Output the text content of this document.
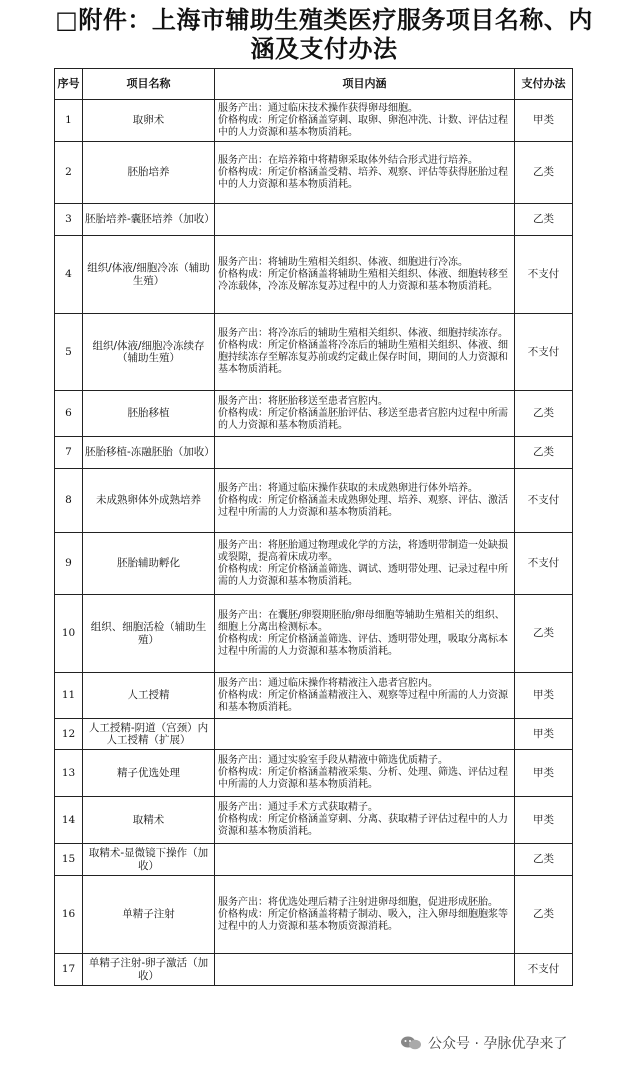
□附件：上海市辅助生殖类医疗服务项目名称、内涵及支付办法
序号	项目名称	项目内涵	支付办法
1	取卵术	服务产出：通过临床技术操作获得卵母细胞。
价格构成：所定价格涵盖穿刺、取卵、卵泡冲洗、计数、评估过程中的人力资源和基本物质消耗。	甲类
2	胚胎培养	服务产出：在培养箱中将精卵采取体外结合形式进行培养。
价格构成：所定价格涵盖受精、培养、观察、评估等获得胚胎过程中的人力资源和基本物质消耗。	乙类
3	胚胎培养-囊胚培养（加收）		乙类
4	组织/体液/细胞冷冻（辅助生殖）	服务产出：将辅助生殖相关组织、体液、细胞进行冷冻。
价格构成：所定价格涵盖将辅助生殖相关组织、体液、细胞转移至冷冻载体，冷冻及解冻复苏过程中的人力资源和基本物质消耗。	不支付
5	组织/体液/细胞冷冻续存（辅助生殖）	服务产出：将冷冻后的辅助生殖相关组织、体液、细胞持续冻存。
价格构成：所定价格涵盖将冷冻后的辅助生殖相关组织、体液、细胞持续冻存至解冻复苏前或约定截止保存时间，期间的人力资源和基本物质消耗。	不支付
6	胚胎移植	服务产出：将胚胎移送至患者宫腔内。
价格构成：所定价格涵盖胚胎评估、移送至患者宫腔内过程中所需的人力资源和基本物质消耗。	乙类
7	胚胎移植-冻融胚胎（加收）		乙类
8	未成熟卵体外成熟培养	服务产出：将通过临床操作获取的未成熟卵进行体外培养。
价格构成：所定价格涵盖未成熟卵处理、培养、观察、评估、激活过程中所需的人力资源和基本物质消耗。	不支付
9	胚胎辅助孵化	服务产出：将胚胎通过物理或化学的方法，将透明带制造一处缺损或裂隙，提高着床成功率。
价格构成：所定价格涵盖筛选、调试、透明带处理、记录过程中所需的人力资源和基本物质消耗。	不支付
10	组织、细胞活检（辅助生殖）	服务产出：在囊胚/卵裂期胚胎/卵母细胞等辅助生殖相关的组织、细胞上分离出检测标本。
价格构成：所定价格涵盖筛选、评估、透明带处理，吸取分离标本过程中所需的人力资源和基本物质消耗。	乙类
11	人工授精	服务产出：通过临床操作将精液注入患者宫腔内。
价格构成：所定价格涵盖精液注入、观察等过程中所需的人力资源和基本物质消耗。	甲类
12	人工授精-阴道（宫颈）内人工授精（扩展）		甲类
13	精子优选处理	服务产出：通过实验室手段从精液中筛选优质精子。
价格构成：所定价格涵盖精液采集、分析、处理、筛选、评估过程中所需的人力资源和基本物质消耗。	甲类
14	取精术	服务产出：通过手术方式获取精子。
价格构成：所定价格涵盖穿刺、分离、获取精子评估过程中的人力资源和基本物质消耗。	甲类
15	取精术-显微镜下操作（加收）		乙类
16	单精子注射	服务产出：将优选处理后精子注射进卵母细胞，促进形成胚胎。
价格构成：所定价格涵盖将精子制动、吸入，注入卵母细胞胞浆等过程中的人力资源和基本物质资源消耗。	乙类
17	单精子注射-卵子激活（加收）		不支付
公众号 · 孕脉优孕来了
